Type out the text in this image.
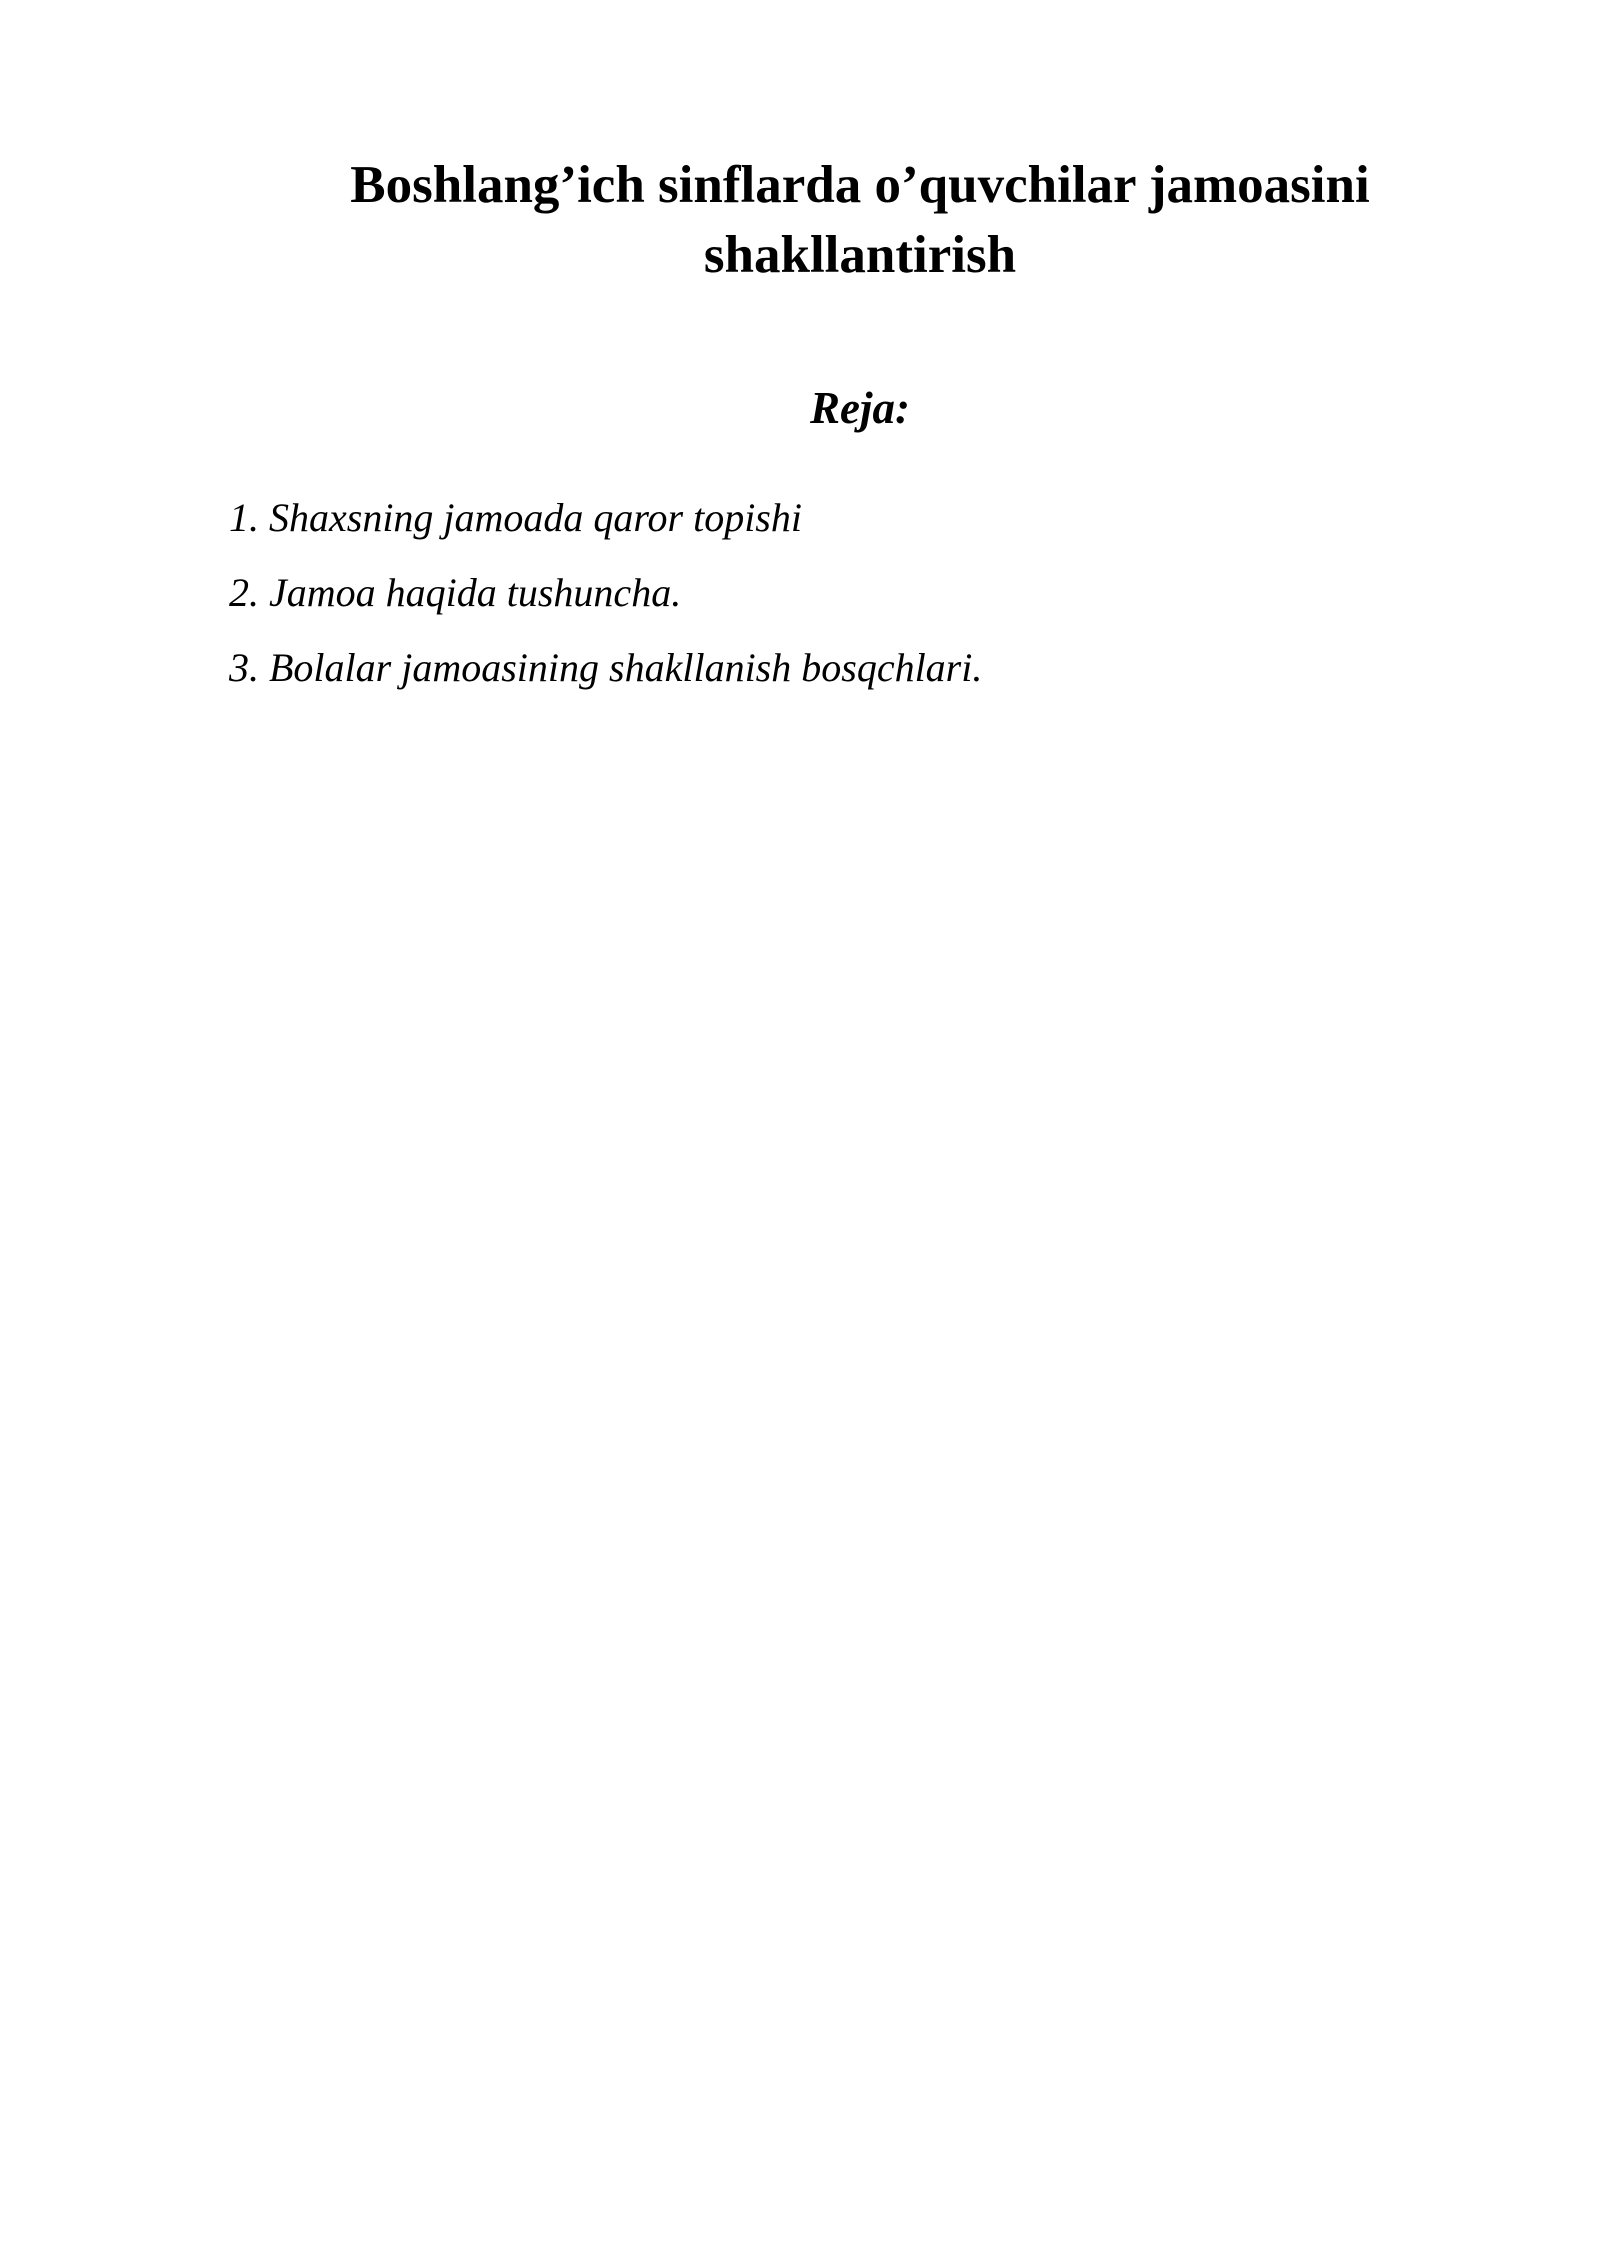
Boshlang’ich sinflarda o’quvchilar jamoasini
shakllantirish
Reja:
1. Shaxsning jamoada qaror topishi
2. Jamoa haqida tushuncha.
3. Bolalar jamoasining shakllanish bosqchlari.
